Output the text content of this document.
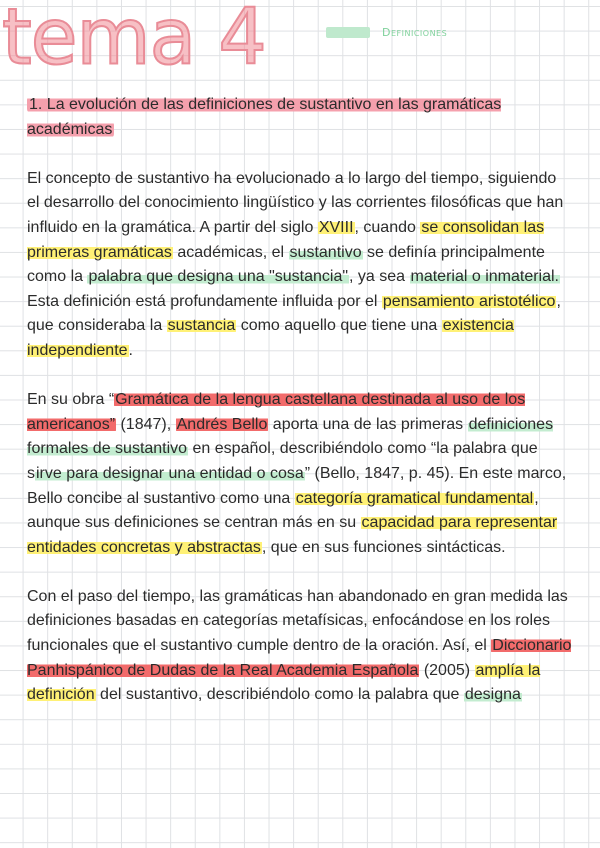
tema 4	Definiciones

1. La evolución de las definiciones de sustantivo en las gramáticas académicas

El concepto de sustantivo ha evolucionado a lo largo del tiempo, siguiendo el desarrollo del conocimiento lingüístico y las corrientes filosóficas que han influido en la gramática. A partir del siglo XVIII, cuando se consolidan las primeras gramáticas académicas, el sustantivo se definía principalmente como la palabra que designa una "sustancia", ya sea material o inmaterial. Esta definición está profundamente influida por el pensamiento aristotélico, que consideraba la sustancia como aquello que tiene una existencia independiente.

En su obra “Gramática de la lengua castellana destinada al uso de los americanos” (1847), Andrés Bello aporta una de las primeras definiciones formales de sustantivo en español, describiéndolo como “la palabra que sirve para designar una entidad o cosa” (Bello, 1847, p. 45). En este marco, Bello concibe al sustantivo como una categoría gramatical fundamental, aunque sus definiciones se centran más en su capacidad para representar entidades concretas y abstractas, que en sus funciones sintácticas.

Con el paso del tiempo, las gramáticas han abandonado en gran medida las definiciones basadas en categorías metafísicas, enfocándose en los roles funcionales que el sustantivo cumple dentro de la oración. Así, el Diccionario Panhispánico de Dudas de la Real Academia Española (2005) amplía la definición del sustantivo, describiéndolo como la palabra que designa
